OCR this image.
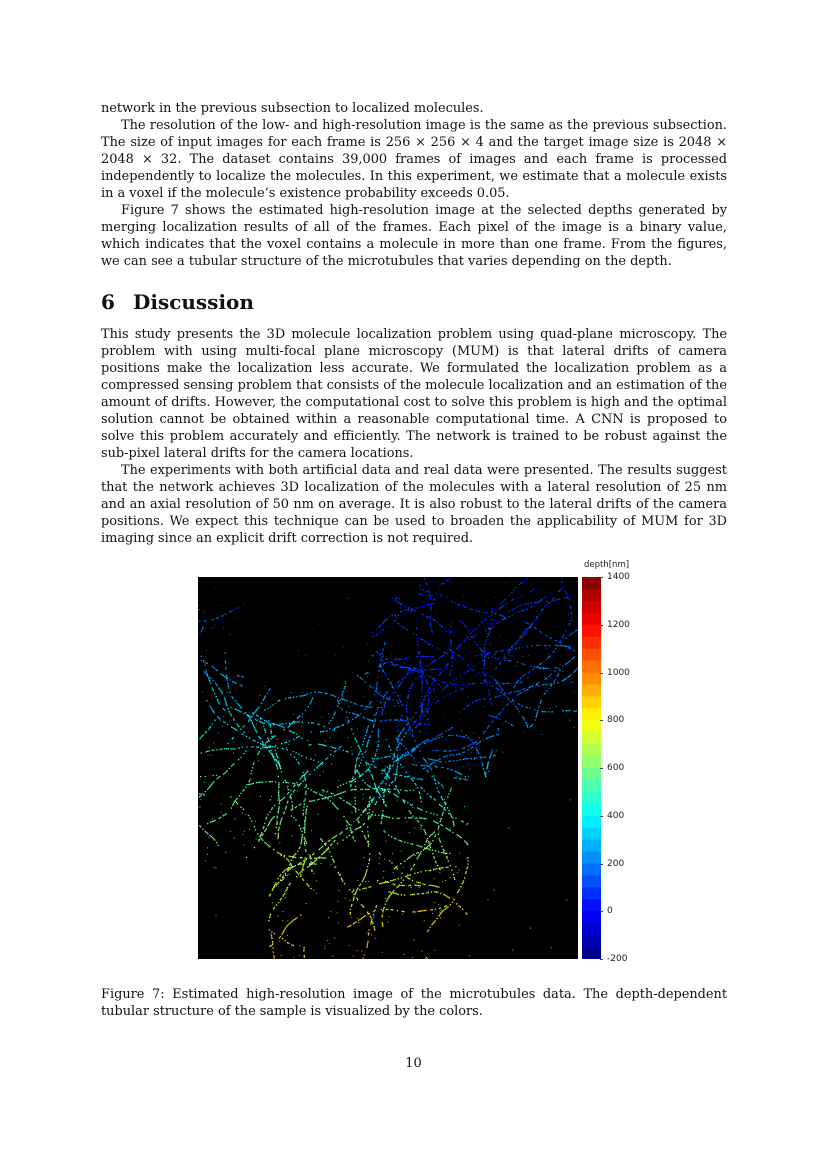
network in the previous subsection to localized molecules.

The resolution of the low- and high-resolution image is the same as the previous subsection. The size of input images for each frame is 256 × 256 × 4 and the target image size is 2048 × 2048 × 32. The dataset contains 39,000 frames of images and each frame is processed independently to localize the molecules. In this experiment, we estimate that a molecule exists in a voxel if the molecule’s existence probability exceeds 0.05.

Figure 7 shows the estimated high-resolution image at the selected depths generated by merging localization results of all of the frames. Each pixel of the image is a binary value, which indicates that the voxel contains a molecule in more than one frame. From the figures, we can see a tubular structure of the microtubules that varies depending on the depth.

6 Discussion

This study presents the 3D molecule localization problem using quad-plane microscopy. The problem with using multi-focal plane microscopy (MUM) is that lateral drifts of camera positions make the localization less accurate. We formulated the localization problem as a compressed sensing problem that consists of the molecule localization and an estimation of the amount of drifts. However, the computational cost to solve this problem is high and the optimal solution cannot be obtained within a reasonable computational time. A CNN is proposed to solve this problem accurately and efficiently. The network is trained to be robust against the sub-pixel lateral drifts for the camera locations.

The experiments with both artificial data and real data were presented. The results suggest that the network achieves 3D localization of the molecules with a lateral resolution of 25 nm and an axial resolution of 50 nm on average. It is also robust to the lateral drifts of the camera positions. We expect this technique can be used to broaden the applicability of MUM for 3D imaging since an explicit drift correction is not required.

depth[nm]
1400
1200
1000
800
600
400
200
0
-200
Figure 7: Estimated high-resolution image of the microtubules data. The depth-dependent tubular structure of the sample is visualized by the colors.
10
